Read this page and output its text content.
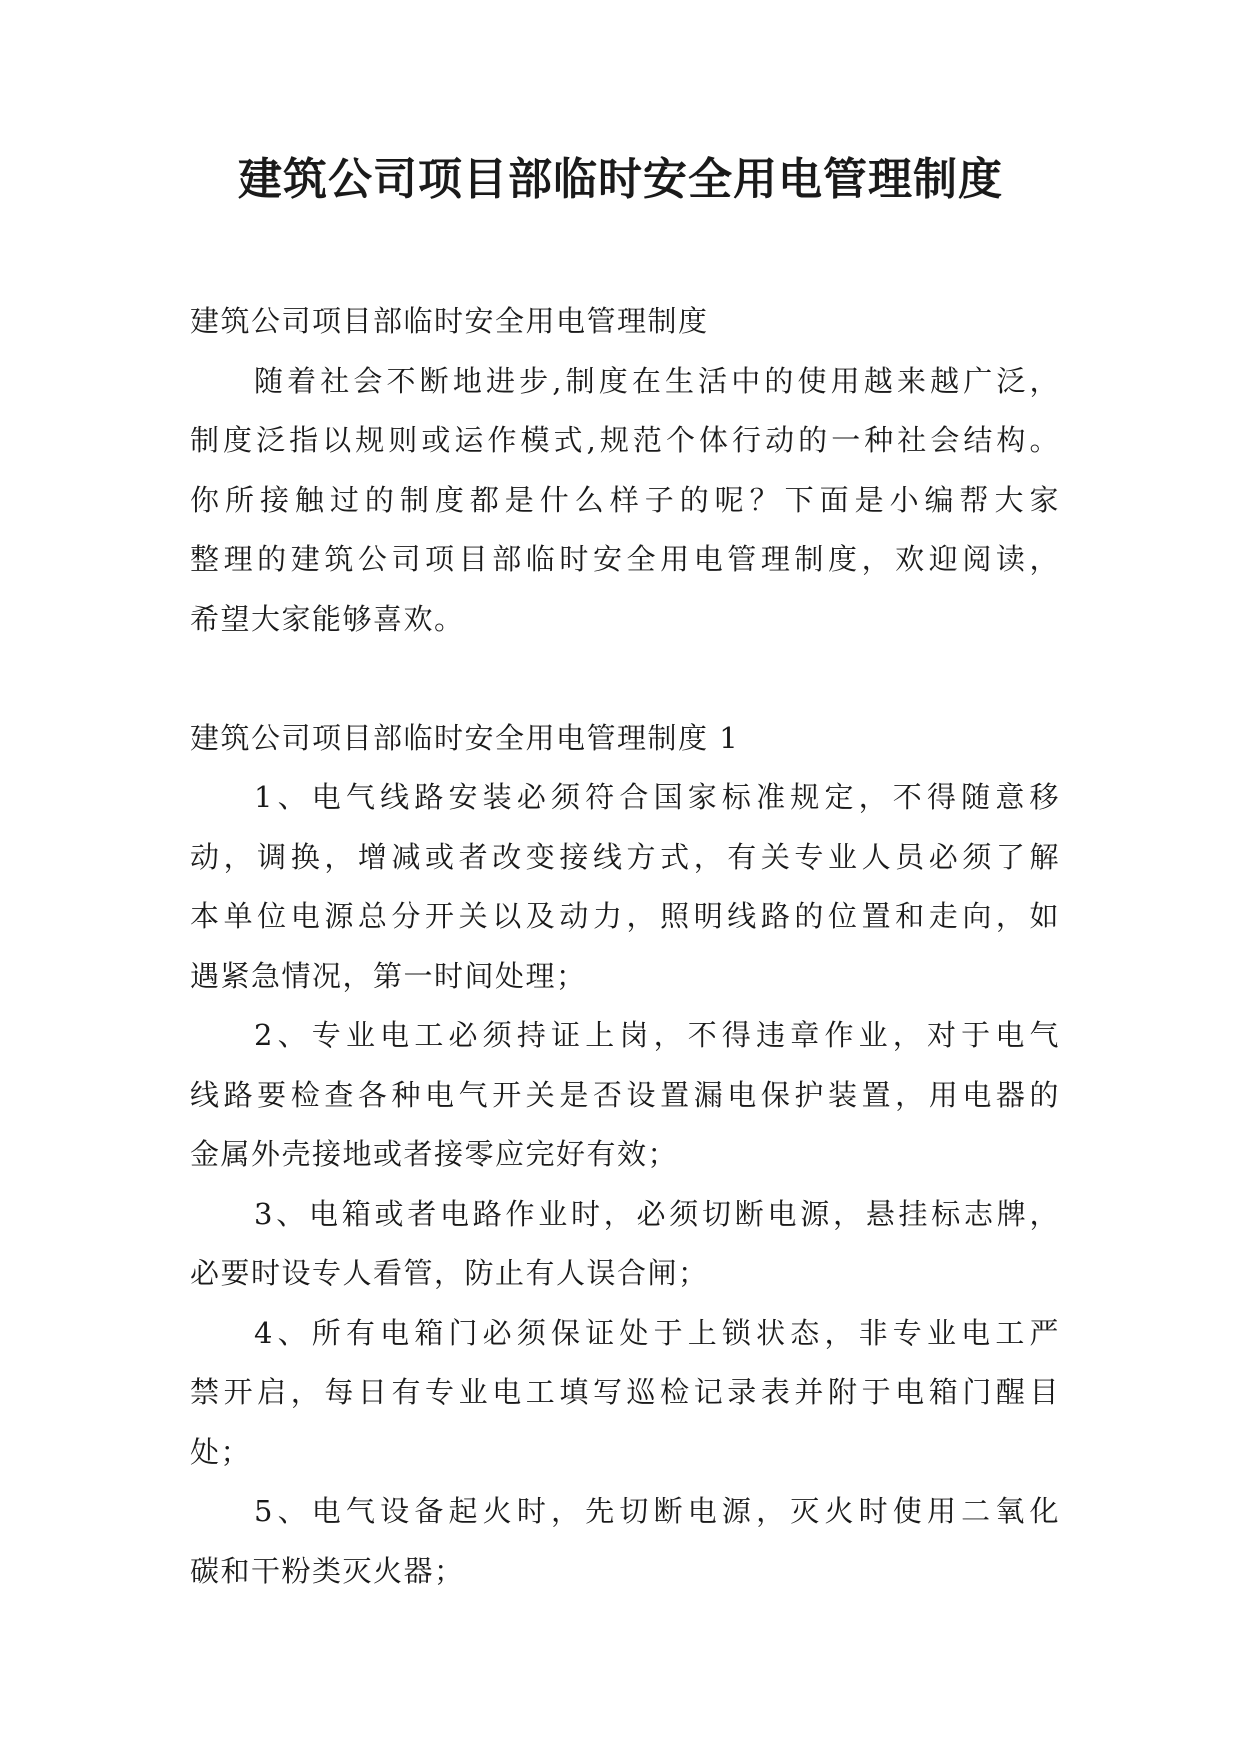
建筑公司项目部临时安全用电管理制度
建筑公司项目部临时安全用电管理制度
随着社会不断地进步,制度在生活中的使用越来越广泛，
制度泛指以规则或运作模式,规范个体行动的一种社会结构。
你所接触过的制度都是什么样子的呢？下面是小编帮大家
整理的建筑公司项目部临时安全用电管理制度，欢迎阅读，
希望大家能够喜欢。
建筑公司项目部临时安全用电管理制度 1
1、电气线路安装必须符合国家标准规定，不得随意移
动，调换，增减或者改变接线方式，有关专业人员必须了解
本单位电源总分开关以及动力，照明线路的位置和走向，如
遇紧急情况，第一时间处理；
2、专业电工必须持证上岗，不得违章作业，对于电气
线路要检查各种电气开关是否设置漏电保护装置，用电器的
金属外壳接地或者接零应完好有效；
3、电箱或者电路作业时，必须切断电源，悬挂标志牌，
必要时设专人看管，防止有人误合闸；
4、所有电箱门必须保证处于上锁状态，非专业电工严
禁开启，每日有专业电工填写巡检记录表并附于电箱门醒目
处；
5、电气设备起火时，先切断电源，灭火时使用二氧化
碳和干粉类灭火器；
